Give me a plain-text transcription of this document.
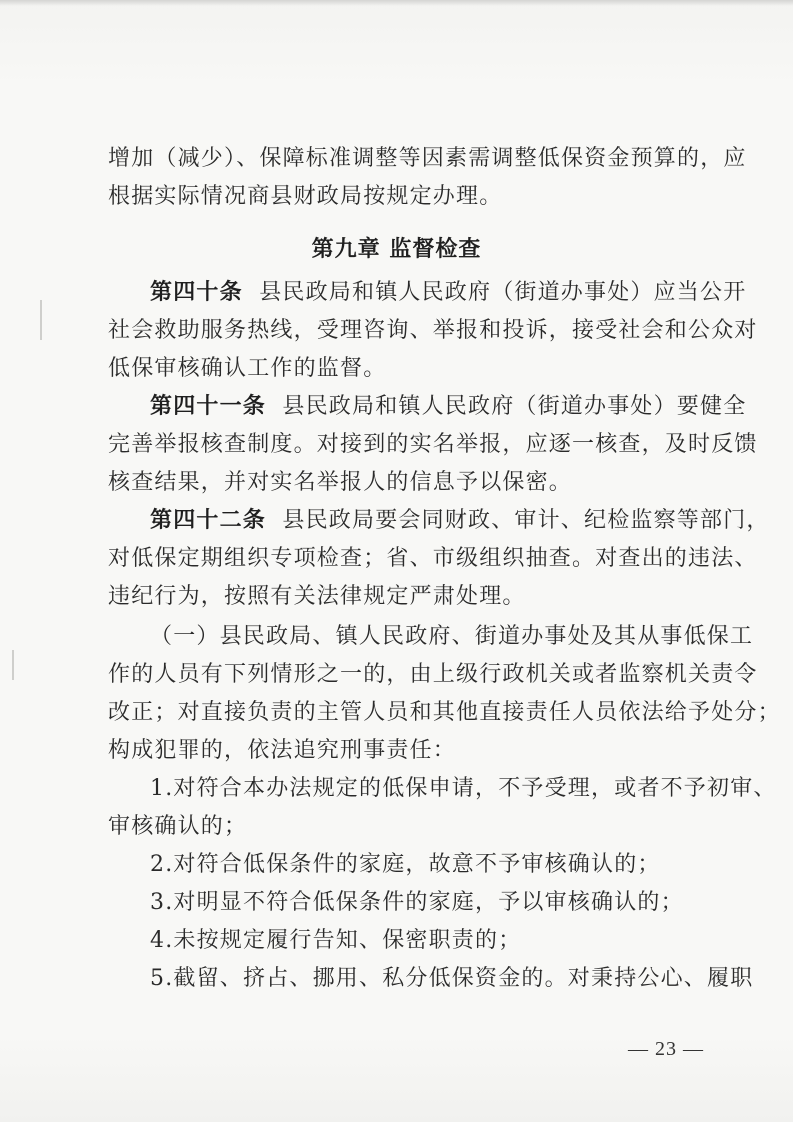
增加（减少）、保障标准调整等因素需调整低保资金预算的，应
根据实际情况商县财政局按规定办理。
第九章 监督检查
第四十条 县民政局和镇人民政府（街道办事处）应当公开
社会救助服务热线，受理咨询、举报和投诉，接受社会和公众对
低保审核确认工作的监督。
第四十一条 县民政局和镇人民政府（街道办事处）要健全
完善举报核查制度。对接到的实名举报，应逐一核查，及时反馈
核查结果，并对实名举报人的信息予以保密。
第四十二条 县民政局要会同财政、审计、纪检监察等部门，
对低保定期组织专项检查；省、市级组织抽查。对查出的违法、
违纪行为，按照有关法律规定严肃处理。
（一）县民政局、镇人民政府、街道办事处及其从事低保工
作的人员有下列情形之一的，由上级行政机关或者监察机关责令
改正；对直接负责的主管人员和其他直接责任人员依法给予处分；
构成犯罪的，依法追究刑事责任：
1.对符合本办法规定的低保申请，不予受理，或者不予初审、
审核确认的；
2.对符合低保条件的家庭，故意不予审核确认的；
3.对明显不符合低保条件的家庭，予以审核确认的；
4.未按规定履行告知、保密职责的；
5.截留、挤占、挪用、私分低保资金的。对秉持公心、履职
— 23 —
